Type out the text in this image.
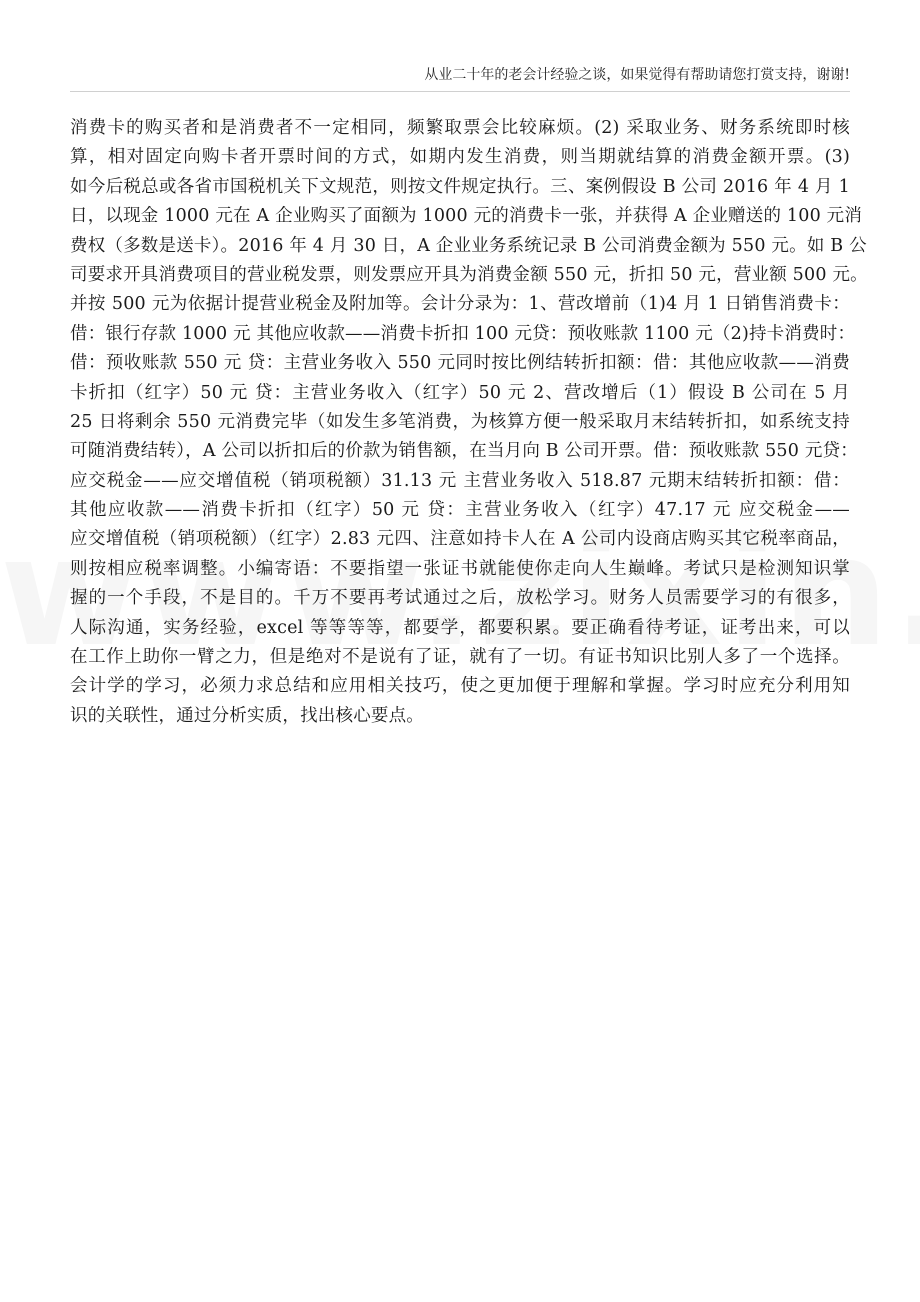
从业二十年的老会计经验之谈，如果觉得有帮助请您打赏支持，谢谢!
消费卡的购买者和是消费者不一定相同，频繁取票会比较麻烦。(2) 采取业务、财务系统即时核
算，相对固定向购卡者开票时间的方式，如期内发生消费，则当期就结算的消费金额开票。(3)
如今后税总或各省市国税机关下文规范，则按文件规定执行。三、案例假设 B 公司 2016 年 4 月 1
日，以现金 1000 元在 A 企业购买了面额为 1000 元的消费卡一张，并获得 A 企业赠送的 100 元消
费权（多数是送卡）。2016 年 4 月 30 日，A 企业业务系统记录 B 公司消费金额为 550 元。如 B 公
司要求开具消费项目的营业税发票，则发票应开具为消费金额 550 元，折扣 50 元，营业额 500 元。
并按 500 元为依据计提营业税金及附加等。会计分录为：1、营改增前（1)4 月 1 日销售消费卡：
借：银行存款 1000 元 其他应收款——消费卡折扣 100 元贷：预收账款 1100 元（2)持卡消费时：
借：预收账款 550 元 贷：主营业务收入 550 元同时按比例结转折扣额：借：其他应收款——消费
卡折扣（红字）50 元 贷：主营业务收入（红字）50 元 2、营改增后（1）假设 B 公司在 5 月
25 日将剩余 550 元消费完毕（如发生多笔消费，为核算方便一般采取月末结转折扣，如系统支持
可随消费结转），A 公司以折扣后的价款为销售额，在当月向 B 公司开票。借：预收账款 550 元贷：
应交税金——应交增值税（销项税额）31.13 元 主营业务收入 518.87 元期末结转折扣额：借：
其他应收款——消费卡折扣（红字）50 元 贷：主营业务收入（红字）47.17 元 应交税金——
应交增值税（销项税额）（红字）2.83 元四、注意如持卡人在 A 公司内设商店购买其它税率商品，
则按相应税率调整。小编寄语：不要指望一张证书就能使你走向人生巅峰。考试只是检测知识掌
握的一个手段，不是目的。千万不要再考试通过之后，放松学习。财务人员需要学习的有很多，
人际沟通，实务经验，excel 等等等等，都要学，都要积累。要正确看待考证，证考出来，可以
在工作上助你一臂之力，但是绝对不是说有了证，就有了一切。有证书知识比别人多了一个选择。
会计学的学习，必须力求总结和应用相关技巧，使之更加便于理解和掌握。学习时应充分利用知
识的关联性，通过分析实质，找出核心要点。
